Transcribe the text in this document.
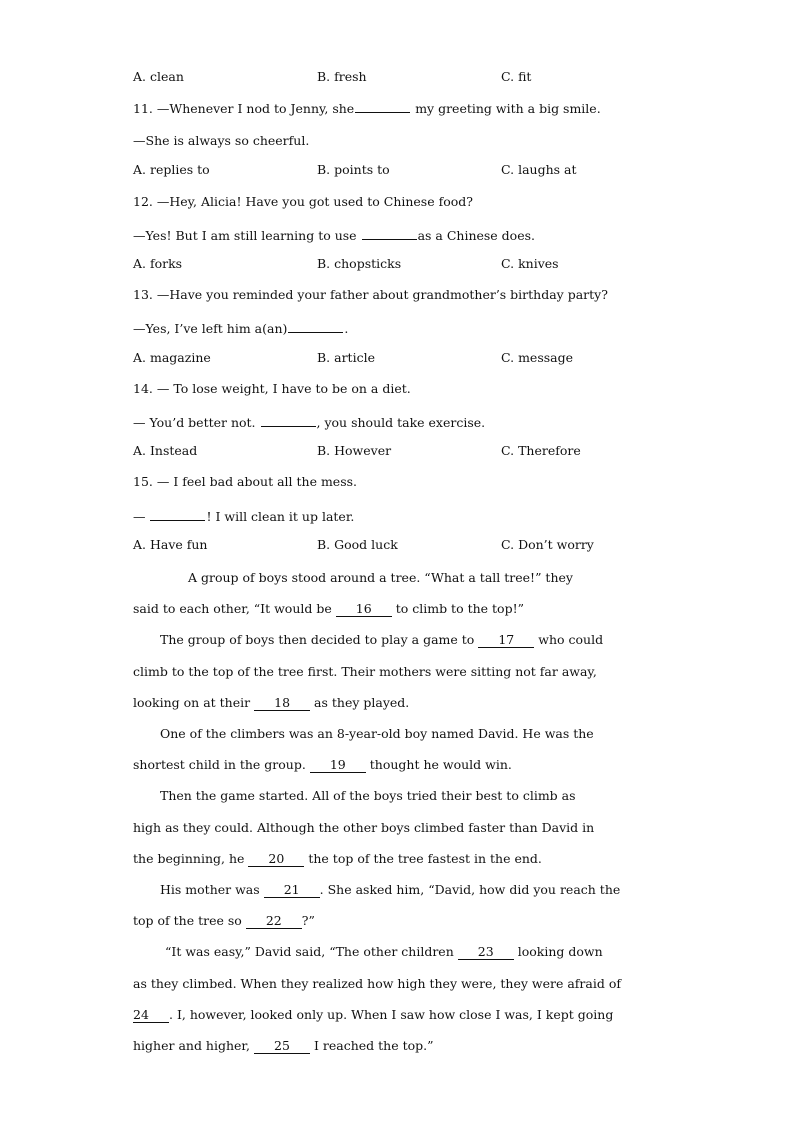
A. clean	B. fresh	C. fit
11. —Whenever I nod to Jenny, she	my greeting with a big smile.
—She is always so cheerful.
A. replies to	B. points to	C. laughs at
12. —Hey, Alicia! Have you got used to Chinese food?
—Yes! But I am still learning to use	as a Chinese does.
A. forks	B. chopsticks	C. knives
13. —Have you reminded your father about grandmother’s birthday party?
—Yes, I’ve left him a(an)	.
A. magazine	B. article	C. message
14. — To lose weight, I have to be on a diet.
— You’d better not.	, you should take exercise.
A. Instead	B. However	C. Therefore
15. — I feel bad about all the mess.
—	! I will clean it up later.
A. Have fun	B. Good luck	C. Don’t worry
A group of boys stood around a tree. “What a tall tree!” they
said to each other, “It would be 16 to climb to the top!”
The group of boys then decided to play a game to 17 who could
climb to the top of the tree first. Their mothers were sitting not far away,
looking on at their 18 as they played.
One of the climbers was an 8-year-old boy named David. He was the
shortest child in the group. 19 thought he would win.
Then the game started. All of the boys tried their best to climb as
high as they could. Although the other boys climbed faster than David in
the beginning, he 20 the top of the tree fastest in the end.
His mother was 21 . She asked him, “David, how did you reach the
top of the tree so 22 ?”
“It was easy,” David said, “The other children 23 looking down
as they climbed. When they realized how high they were, they were afraid of
24 . I, however, looked only up. When I saw how close I was, I kept going
higher and higher, 25 I reached the top.”
